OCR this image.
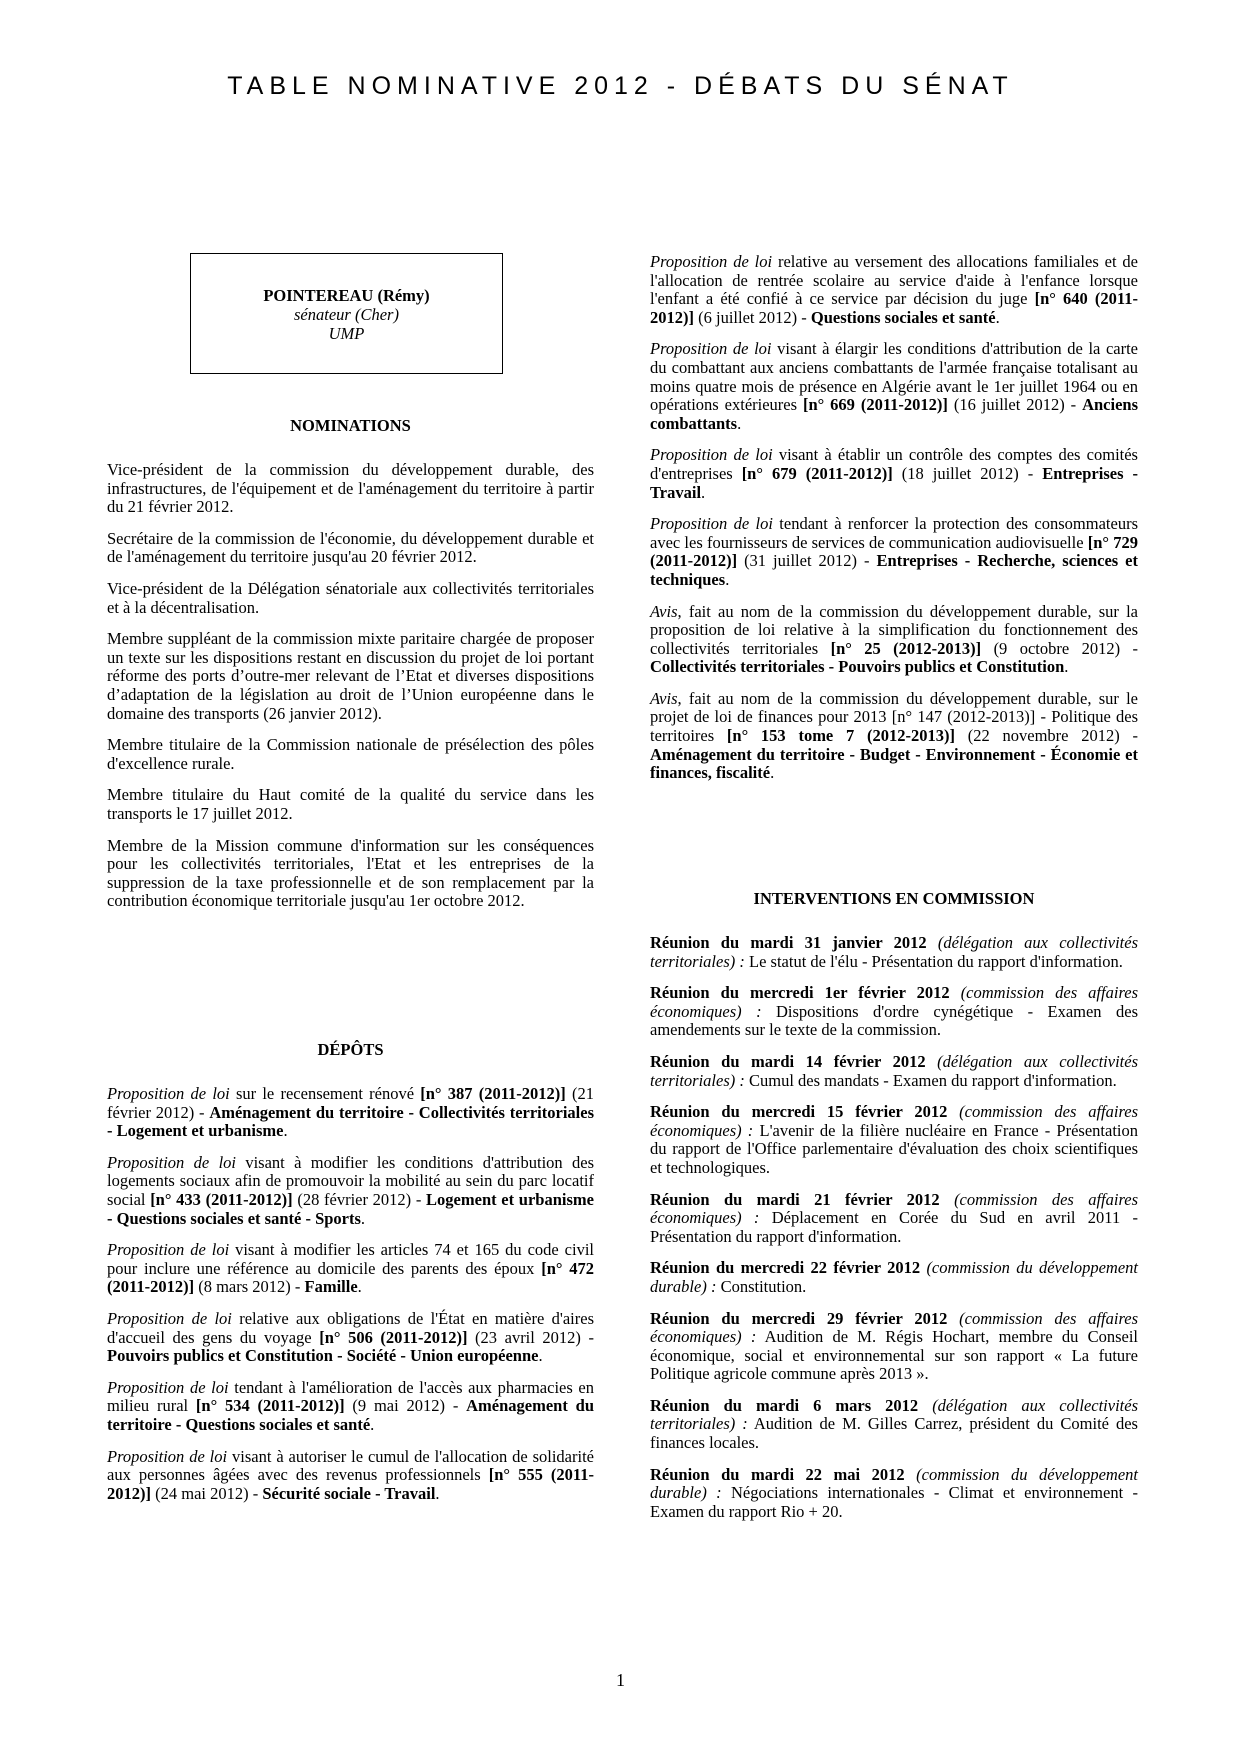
TABLE NOMINATIVE 2012 - DÉBATS DU SÉNAT
POINTEREAU (Rémy)
sénateur (Cher)
UMP
NOMINATIONS

Vice-président de la commission du développement durable, des infrastructures, de l'équipement et de l'aménagement du territoire à partir du 21 février 2012.

Secrétaire de la commission de l'économie, du développement durable et de l'aménagement du territoire jusqu'au 20 février 2012.

Vice-président de la Délégation sénatoriale aux collectivités territoriales et à la décentralisation.

Membre suppléant de la commission mixte paritaire chargée de proposer un texte sur les dispositions restant en discussion du projet de loi portant réforme des ports d’outre-mer relevant de l’Etat et diverses dispositions d’adaptation de la législation au droit de l’Union européenne dans le domaine des transports (26 janvier 2012).

Membre titulaire de la Commission nationale de présélection des pôles d'excellence rurale.

Membre titulaire du Haut comité de la qualité du service dans les transports le 17 juillet 2012.

Membre de la Mission commune d'information sur les conséquences pour les collectivités territoriales, l'Etat et les entreprises de la suppression de la taxe professionnelle et de son remplacement par la contribution économique territoriale jusqu'au 1er octobre 2012.

DÉPÔTS

Proposition de loi sur le recensement rénové [n° 387 (2011-2012)] (21 février 2012) - Aménagement du territoire - Collectivités territoriales - Logement et urbanisme.

Proposition de loi visant à modifier les conditions d'attribution des logements sociaux afin de promouvoir la mobilité au sein du parc locatif social [n° 433 (2011-2012)] (28 février 2012) - Logement et urbanisme - Questions sociales et santé - Sports.

Proposition de loi visant à modifier les articles 74 et 165 du code civil pour inclure une référence au domicile des parents des époux [n° 472 (2011-2012)] (8 mars 2012) - Famille.

Proposition de loi relative aux obligations de l'État en matière d'aires d'accueil des gens du voyage [n° 506 (2011-2012)] (23 avril 2012) - Pouvoirs publics et Constitution - Société - Union européenne.

Proposition de loi tendant à l'amélioration de l'accès aux pharmacies en milieu rural [n° 534 (2011-2012)] (9 mai 2012) - Aménagement du territoire - Questions sociales et santé.

Proposition de loi visant à autoriser le cumul de l'allocation de solidarité aux personnes âgées avec des revenus professionnels [n° 555 (2011-2012)] (24 mai 2012) - Sécurité sociale - Travail.

Proposition de loi relative au versement des allocations familiales et de l'allocation de rentrée scolaire au service d'aide à l'enfance lorsque l'enfant a été confié à ce service par décision du juge [n° 640 (2011-2012)] (6 juillet 2012) - Questions sociales et santé.

Proposition de loi visant à élargir les conditions d'attribution de la carte du combattant aux anciens combattants de l'armée française totalisant au moins quatre mois de présence en Algérie avant le 1er juillet 1964 ou en opérations extérieures [n° 669 (2011-2012)] (16 juillet 2012) - Anciens combattants.

Proposition de loi visant à établir un contrôle des comptes des comités d'entreprises [n° 679 (2011-2012)] (18 juillet 2012) - Entreprises - Travail.

Proposition de loi tendant à renforcer la protection des consommateurs avec les fournisseurs de services de communication audiovisuelle [n° 729 (2011-2012)] (31 juillet 2012) - Entreprises - Recherche, sciences et techniques.

Avis, fait au nom de la commission du développement durable, sur la proposition de loi relative à la simplification du fonctionnement des collectivités territoriales [n° 25 (2012-2013)] (9 octobre 2012) - Collectivités territoriales - Pouvoirs publics et Constitution.

Avis, fait au nom de la commission du développement durable, sur le projet de loi de finances pour 2013 [n° 147 (2012-2013)] - Politique des territoires [n° 153 tome 7 (2012-2013)] (22 novembre 2012) - Aménagement du territoire - Budget - Environnement - Économie et finances, fiscalité.

INTERVENTIONS EN COMMISSION

Réunion du mardi 31 janvier 2012 (délégation aux collectivités territoriales) : Le statut de l'élu - Présentation du rapport d'information.

Réunion du mercredi 1er février 2012 (commission des affaires économiques) : Dispositions d'ordre cynégétique - Examen des amendements sur le texte de la commission.

Réunion du mardi 14 février 2012 (délégation aux collectivités territoriales) : Cumul des mandats - Examen du rapport d'information.

Réunion du mercredi 15 février 2012 (commission des affaires économiques) : L'avenir de la filière nucléaire en France - Présentation du rapport de l'Office parlementaire d'évaluation des choix scientifiques et technologiques.

Réunion du mardi 21 février 2012 (commission des affaires économiques) : Déplacement en Corée du Sud en avril 2011 - Présentation du rapport d'information.

Réunion du mercredi 22 février 2012 (commission du développement durable) : Constitution.

Réunion du mercredi 29 février 2012 (commission des affaires économiques) : Audition de M. Régis Hochart, membre du Conseil économique, social et environnemental sur son rapport « La future Politique agricole commune après 2013 ».

Réunion du mardi 6 mars 2012 (délégation aux collectivités territoriales) : Audition de M. Gilles Carrez, président du Comité des finances locales.

Réunion du mardi 22 mai 2012 (commission du développement durable) : Négociations internationales - Climat et environnement - Examen du rapport Rio + 20.

1
